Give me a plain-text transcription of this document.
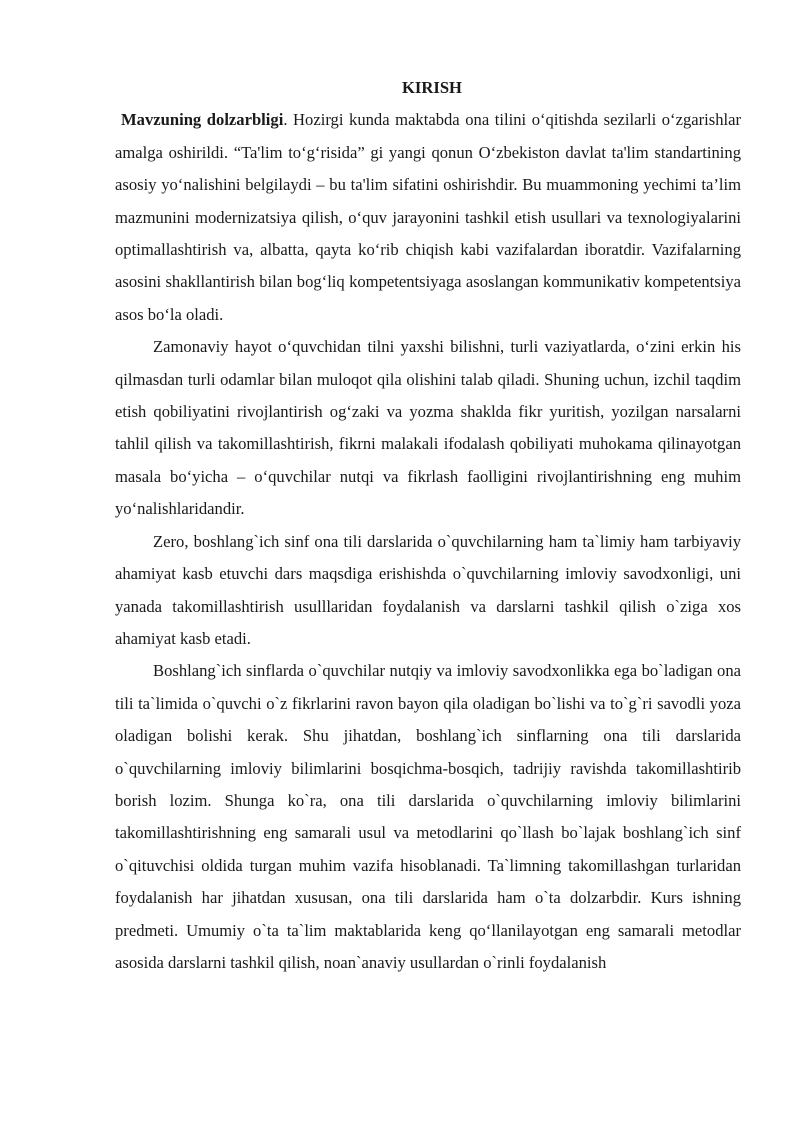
KIRISH

Mavzuning dolzarbligi. Hozirgi kunda maktabda ona tilini o‘qitishda sezilarli o‘zgarishlar amalga oshirildi. “Ta'lim to‘g‘risida” gi yangi qonun O‘zbekiston davlat ta'lim standartining asosiy yo‘nalishini belgilaydi – bu ta'lim sifatini oshirishdir. Bu muammoning yechimi ta’lim mazmunini modernizatsiya qilish, o‘quv jarayonini tashkil etish usullari va texnologiyalarini optimallashtirish va, albatta, qayta ko‘rib chiqish kabi vazifalardan iboratdir. Vazifalarning asosini shakllantirish bilan bog‘liq kompetentsiyaga asoslangan kommunikativ kompetentsiya asos bo‘la oladi.

Zamonaviy hayot o‘quvchidan tilni yaxshi bilishni, turli vaziyatlarda, o‘zini erkin his qilmasdan turli odamlar bilan muloqot qila olishini talab qiladi. Shuning uchun, izchil taqdim etish qobiliyatini rivojlantirish og‘zaki va yozma shaklda fikr yuritish, yozilgan narsalarni tahlil qilish va takomillashtirish, fikrni malakali ifodalash qobiliyati muhokama qilinayotgan masala bo‘yicha – o‘quvchilar nutqi va fikrlash faolligini rivojlantirishning eng muhim yo‘nalishlaridandir.

Zero, boshlang`ich sinf ona tili darslarida o`quvchilarning ham ta`limiy ham tarbiyaviy ahamiyat kasb etuvchi dars maqsdiga erishishda o`quvchilarning imloviy savodxonligi, uni yanada takomillashtirish usulllaridan foydalanish va darslarni tashkil qilish o`ziga xos ahamiyat kasb etadi.

Boshlang`ich sinflarda o`quvchilar nutqiy va imloviy savodxonlikka ega bo`ladigan ona tili ta`limida o`quvchi o`z fikrlarini ravon bayon qila oladigan bo`lishi va to`g`ri savodli yoza oladigan bolishi kerak. Shu jihatdan, boshlang`ich sinflarning ona tili darslarida o`quvchilarning imloviy bilimlarini bosqichma-bosqich, tadrijiy ravishda takomillashtirib borish lozim. Shunga ko`ra, ona tili darslarida o`quvchilarning imloviy bilimlarini takomillashtirishning eng samarali usul va metodlarini qo`llash bo`lajak boshlang`ich sinf o`qituvchisi oldida turgan muhim vazifa hisoblanadi. Ta`limning takomillashgan turlaridan foydalanish har jihatdan xususan, ona tili darslarida ham o`ta dolzarbdir. Kurs ishning predmeti. Umumiy o`ta ta`lim maktablarida keng qo‘llanilayotgan eng samarali metodlar asosida darslarni tashkil qilish, noan`anaviy usullardan o`rinli foydalanish
